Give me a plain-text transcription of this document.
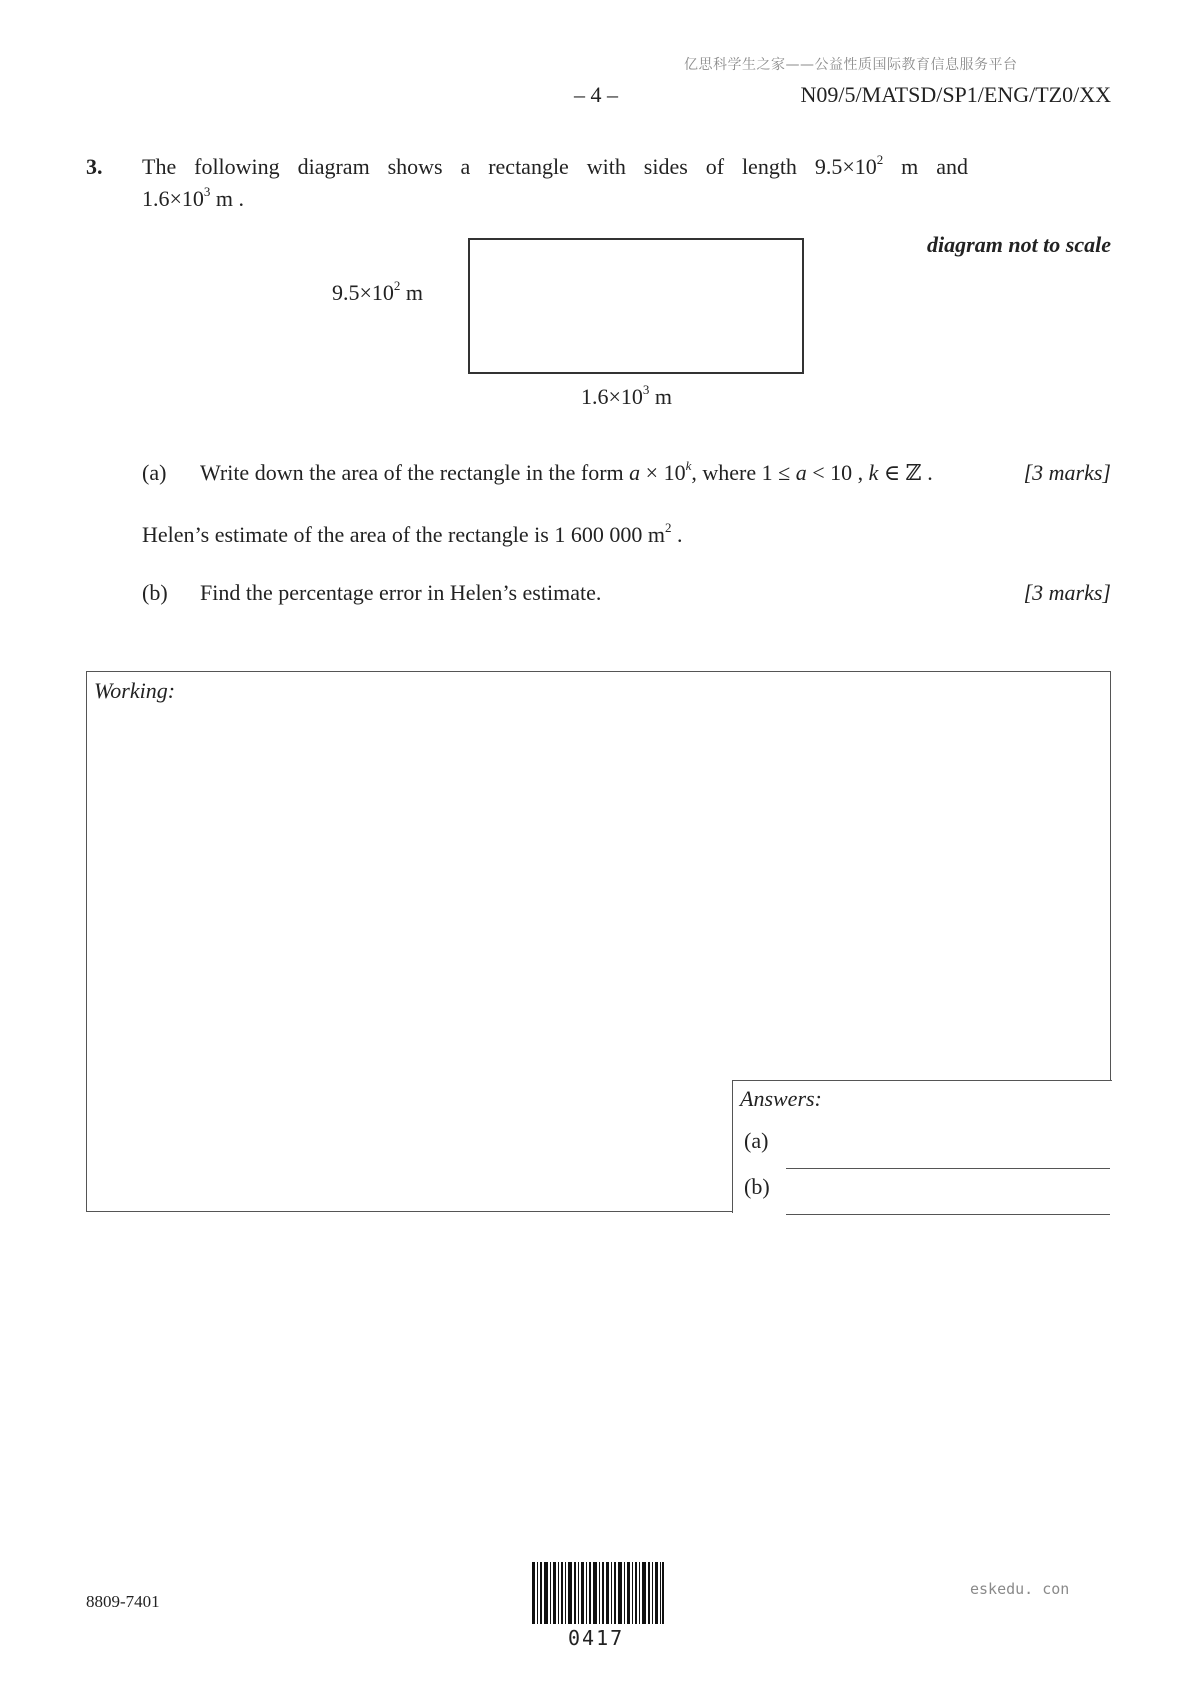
亿思科学生之家——公益性质国际教育信息服务平台
– 4 –	N09/5/MATSD/SP1/ENG/TZ0/XX
3. The following diagram shows a rectangle with sides of length $9.5\times 10^2$ m and
$1.6\times 10^3$ m .
diagram not to scale
$9.5\times 10^2$ m
$1.6\times 10^3$ m
(a) Write down the area of the rectangle in the form $a \times 10^k$, where 1 ≤ a < 10 , k ∈ ℤ .	[3 marks]
Helen’s estimate of the area of the rectangle is 1 600 000 $m^2$ .
(b) Find the percentage error in Helen’s estimate.	[3 marks]
Working:
Answers:
(a)
(b)
8809-7401
0417
eskedu. con
